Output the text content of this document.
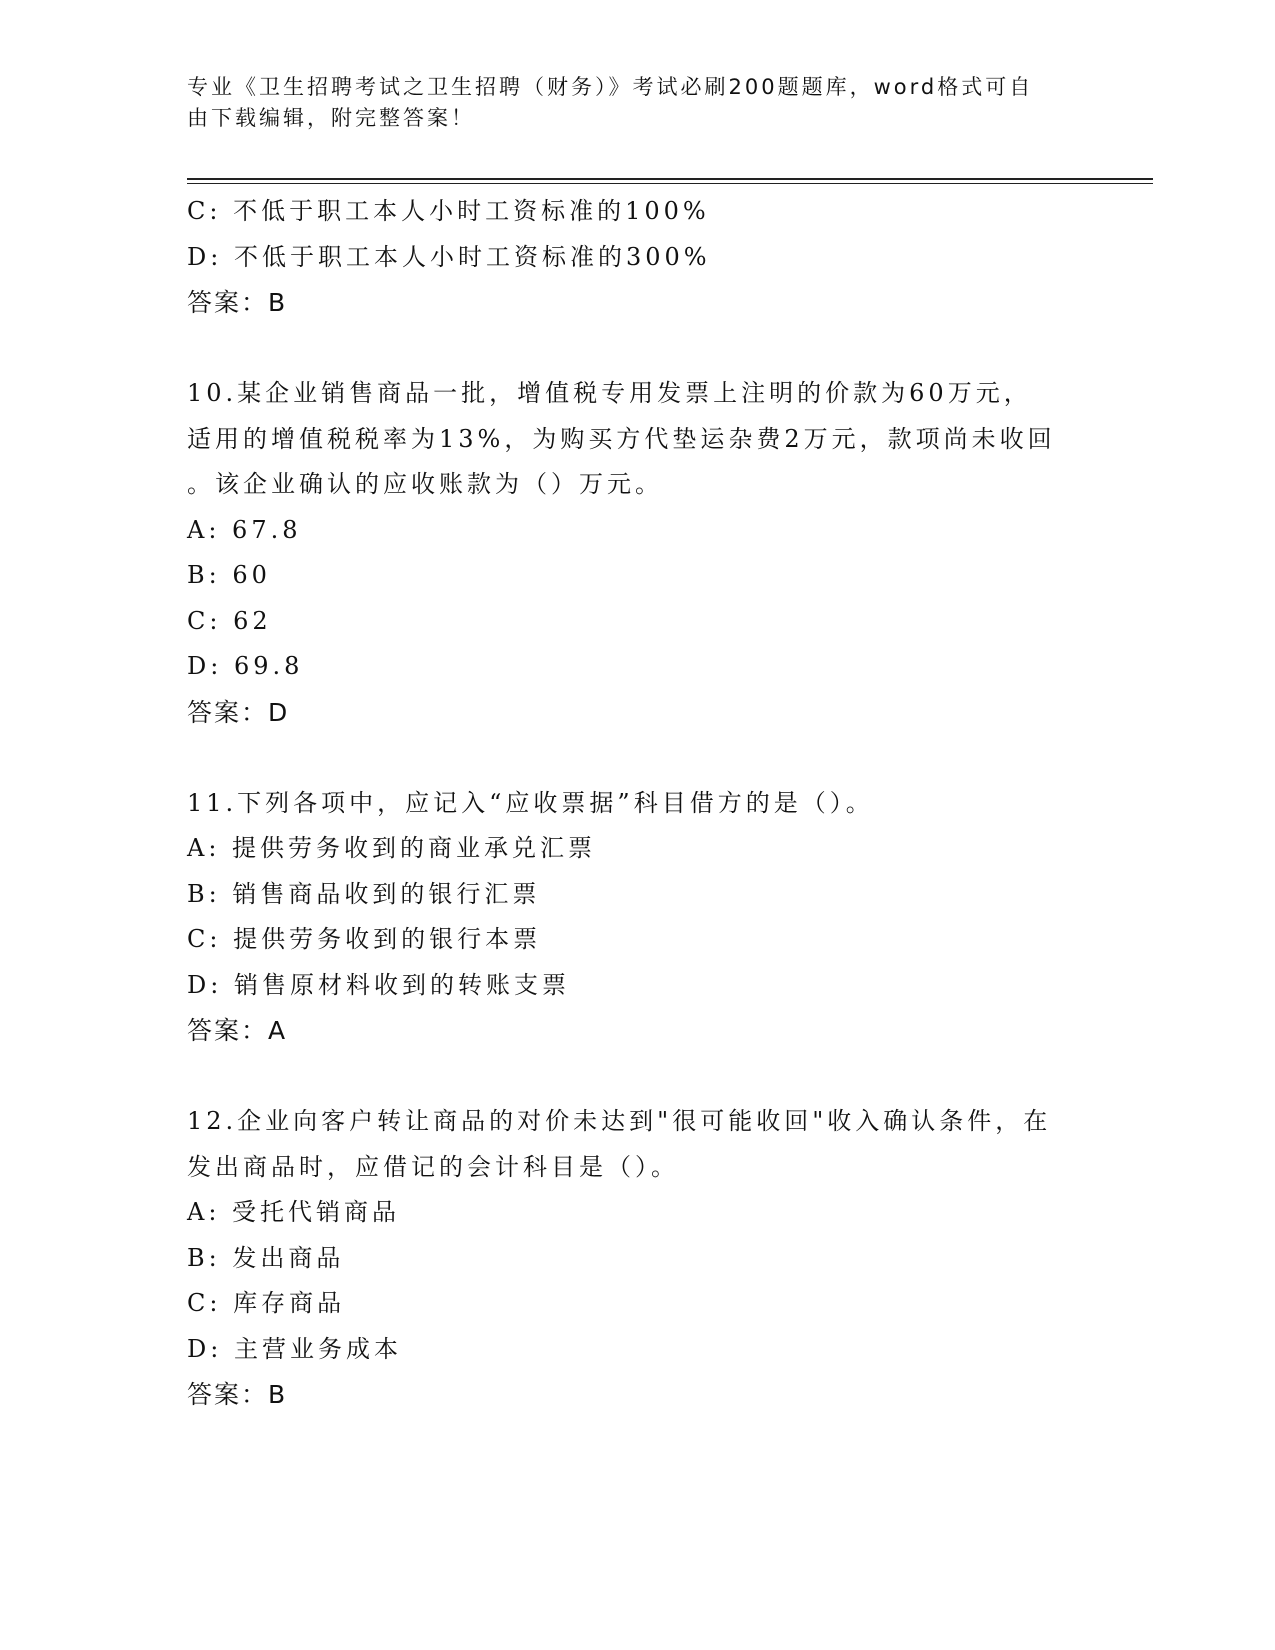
专业《卫生招聘考试之卫生招聘（财务）》考试必刷200题题库，word格式可自
由下载编辑，附完整答案！
C: 不低于职工本人小时工资标准的100%
D: 不低于职工本人小时工资标准的300%
答案：B
10.某企业销售商品一批，增值税专用发票上注明的价款为60万元，
适用的增值税税率为13%，为购买方代垫运杂费2万元，款项尚未收回
。该企业确认的应收账款为（）万元。
A: 67.8
B: 60
C: 62
D: 69.8
答案：D
11.下列各项中，应记入“应收票据”科目借方的是（）。
A: 提供劳务收到的商业承兑汇票
B: 销售商品收到的银行汇票
C: 提供劳务收到的银行本票
D: 销售原材料收到的转账支票
答案：A
12.企业向客户转让商品的对价未达到"很可能收回"收入确认条件，在
发出商品时，应借记的会计科目是（）。
A: 受托代销商品
B: 发出商品
C: 库存商品
D: 主营业务成本
答案：B
